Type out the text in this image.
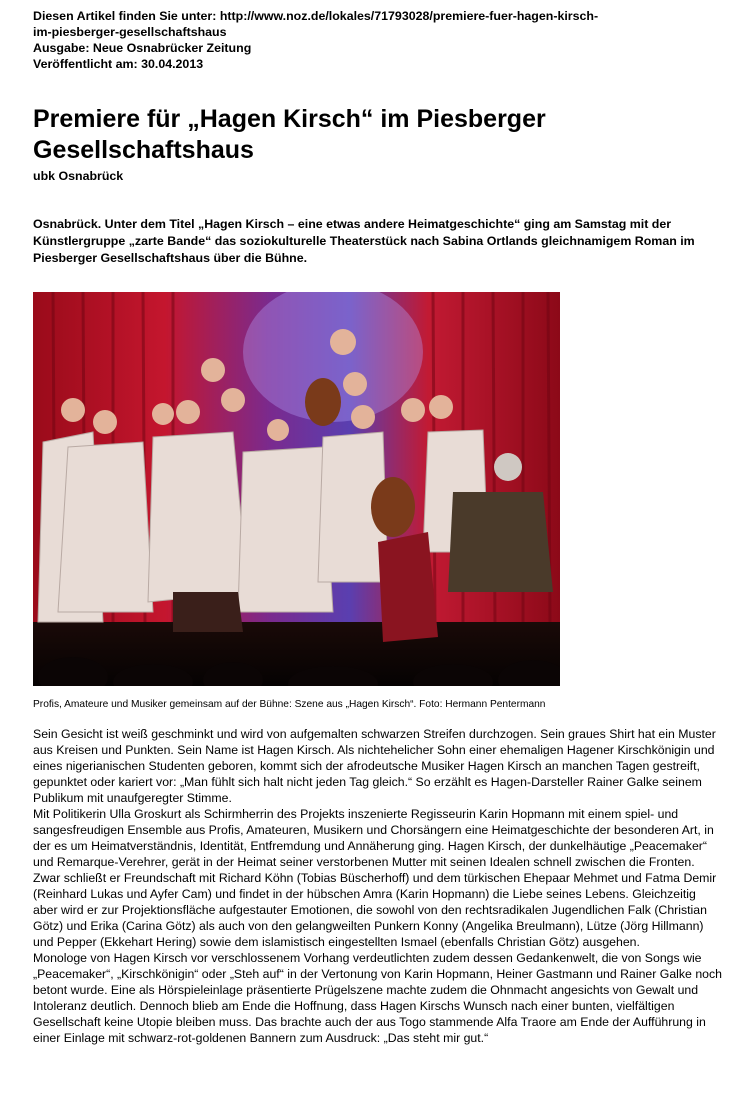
Diesen Artikel finden Sie unter: http://www.noz.de/lokales/71793028/premiere-fuer-hagen-kirsch-
im-piesberger-gesellschaftshaus
Ausgabe: Neue Osnabrücker Zeitung
Veröffentlicht am: 30.04.2013
Premiere für „Hagen Kirsch“ im Piesberger Gesellschaftshaus
ubk Osnabrück

Osnabrück. Unter dem Titel „Hagen Kirsch – eine etwas andere Heimatgeschichte“ ging am Samstag mit der Künstlergruppe „zarte Bande“ das soziokulturelle Theaterstück nach Sabina Ortlands gleichnamigem Roman im Piesberger Gesellschaftshaus über die Bühne.

Profis, Amateure und Musiker gemeinsam auf der Bühne: Szene aus „Hagen Kirsch“. Foto: Hermann Pentermann

Sein Gesicht ist weiß geschminkt und wird von aufgemalten schwarzen Streifen durchzogen. Sein graues Shirt hat ein Muster aus Kreisen und Punkten. Sein Name ist Hagen Kirsch. Als nichtehelicher Sohn einer ehemaligen Hagener Kirschkönigin und eines nigerianischen Studenten geboren, kommt sich der afrodeutsche Musiker Hagen Kirsch an manchen Tagen gestreift, gepunktet oder kariert vor: „Man fühlt sich halt nicht jeden Tag gleich.“ So erzählt es Hagen-Darsteller Rainer Galke seinem Publikum mit unaufgeregter Stimme.

Mit Politikerin Ulla Groskurt als Schirmherrin des Projekts inszenierte Regisseurin Karin Hopmann mit einem spiel- und sangesfreudigen Ensemble aus Profis, Amateuren, Musikern und Chorsängern eine Heimatgeschichte der besonderen Art, in der es um Heimatverständnis, Identität, Entfremdung und Annäherung ging. Hagen Kirsch, der dunkelhäutige „Peacemaker“ und Remarque-Verehrer, gerät in der Heimat seiner verstorbenen Mutter mit seinen Idealen schnell zwischen die Fronten.

Zwar schließt er Freundschaft mit Richard Köhn (Tobias Büscherhoff) und dem türkischen Ehepaar Mehmet und Fatma Demir (Reinhard Lukas und Ayfer Cam) und findet in der hübschen Amra (Karin Hopmann) die Liebe seines Lebens. Gleichzeitig aber wird er zur Projektionsfläche aufgestauter Emotionen, die sowohl von den rechtsradikalen Jugendlichen Falk (Christian Götz) und Erika (Carina Götz) als auch von den gelangweilten Punkern Konny (Angelika Breulmann), Lütze (Jörg Hillmann) und Pepper (Ekkehart Hering) sowie dem islamistisch eingestellten Ismael (ebenfalls Christian Götz) ausgehen.

Monologe von Hagen Kirsch vor verschlossenem Vorhang verdeutlichten zudem dessen Gedankenwelt, die von Songs wie „Peacemaker“, „Kirschkönigin“ oder „Steh auf“ in der Vertonung von Karin Hopmann, Heiner Gastmann und Rainer Galke noch betont wurde. Eine als Hörspieleinlage präsentierte Prügelszene machte zudem die Ohnmacht angesichts von Gewalt und Intoleranz deutlich. Dennoch blieb am Ende die Hoffnung, dass Hagen Kirschs Wunsch nach einer bunten, vielfältigen Gesellschaft keine Utopie bleiben muss. Das brachte auch der aus Togo stammende Alfa Traore am Ende der Aufführung in einer Einlage mit schwarz-rot-goldenen Bannern zum Ausdruck: „Das steht mir gut.“
